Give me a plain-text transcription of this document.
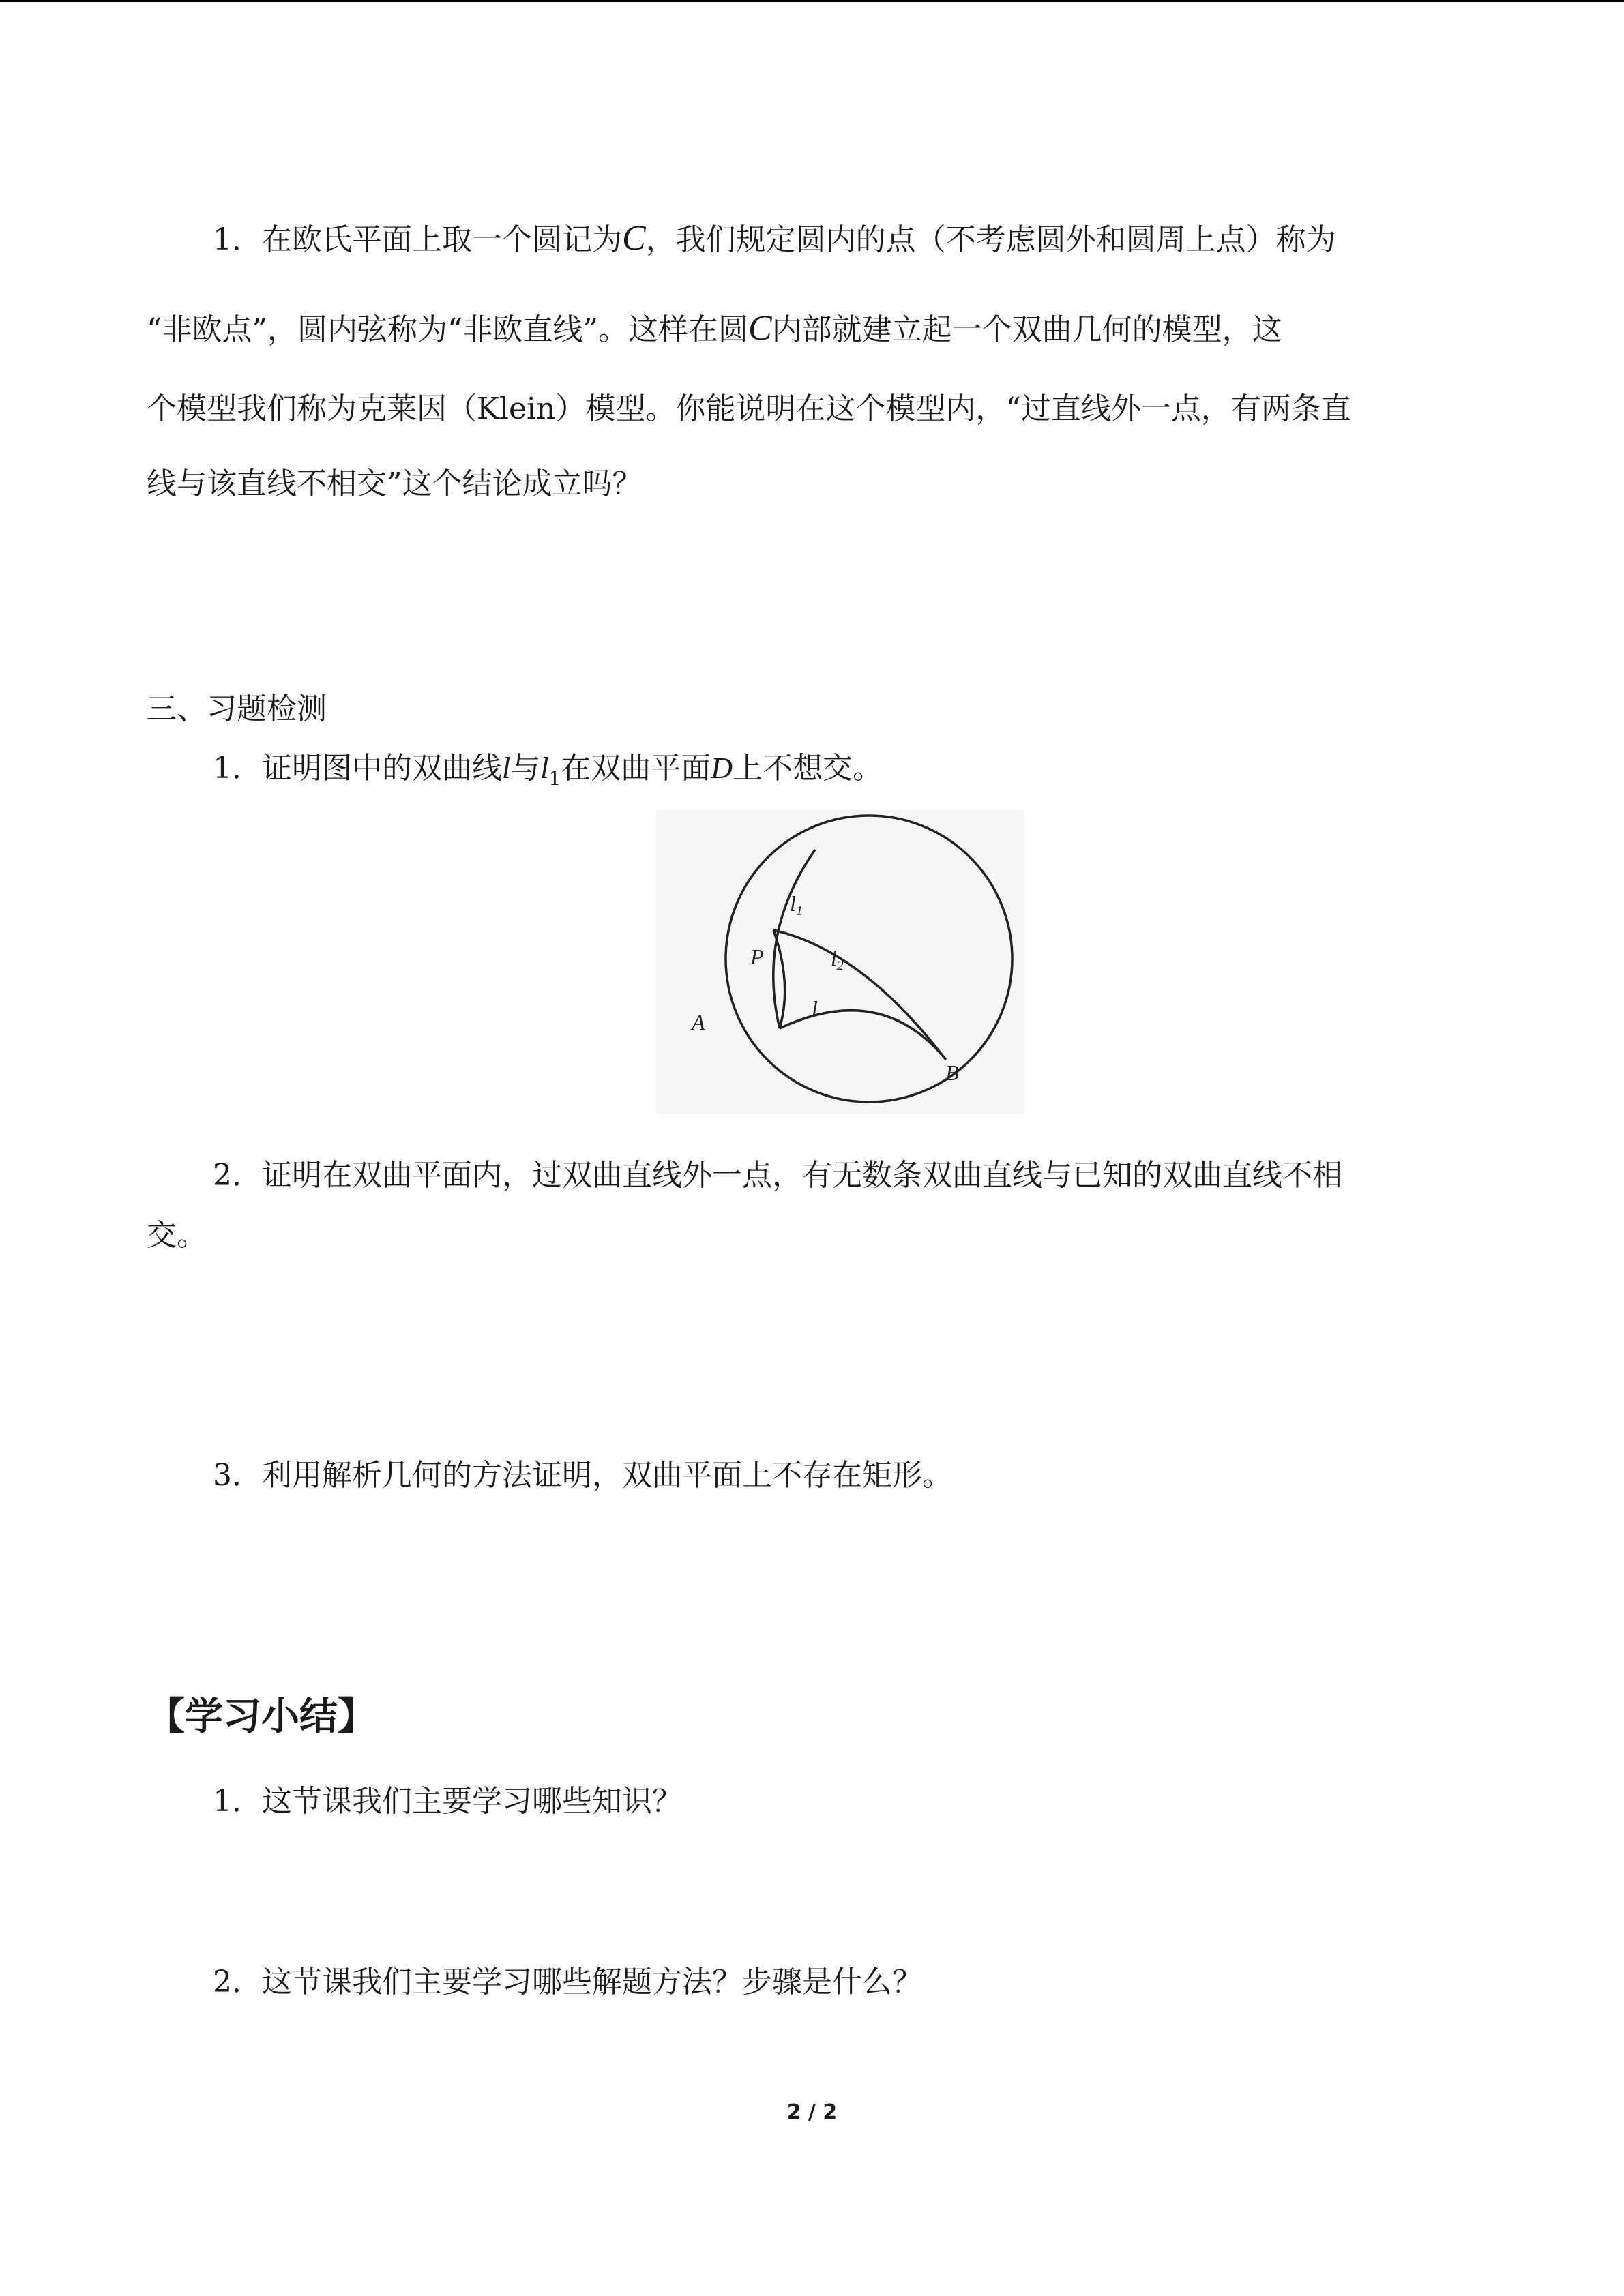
1．在欧氏平面上取一个圆记为C，我们规定圆内的点（不考虑圆外和圆周上点）称为
“非欧点”，圆内弦称为“非欧直线”。这样在圆C内部就建立起一个双曲几何的模型，这
个模型我们称为克莱因（Klein）模型。你能说明在这个模型内，“过直线外一点，有两条直
线与该直线不相交”这个结论成立吗？
三、习题检测
1．证明图中的双曲线l与$l_1$在双曲平面D上不想交。
l1
l2
l
P
A
B
2．证明在双曲平面内，过双曲直线外一点，有无数条双曲直线与已知的双曲直线不相
交。
3．利用解析几何的方法证明，双曲平面上不存在矩形。
【学习小结】
1．这节课我们主要学习哪些知识？
2．这节课我们主要学习哪些解题方法？步骤是什么？
2 / 2
